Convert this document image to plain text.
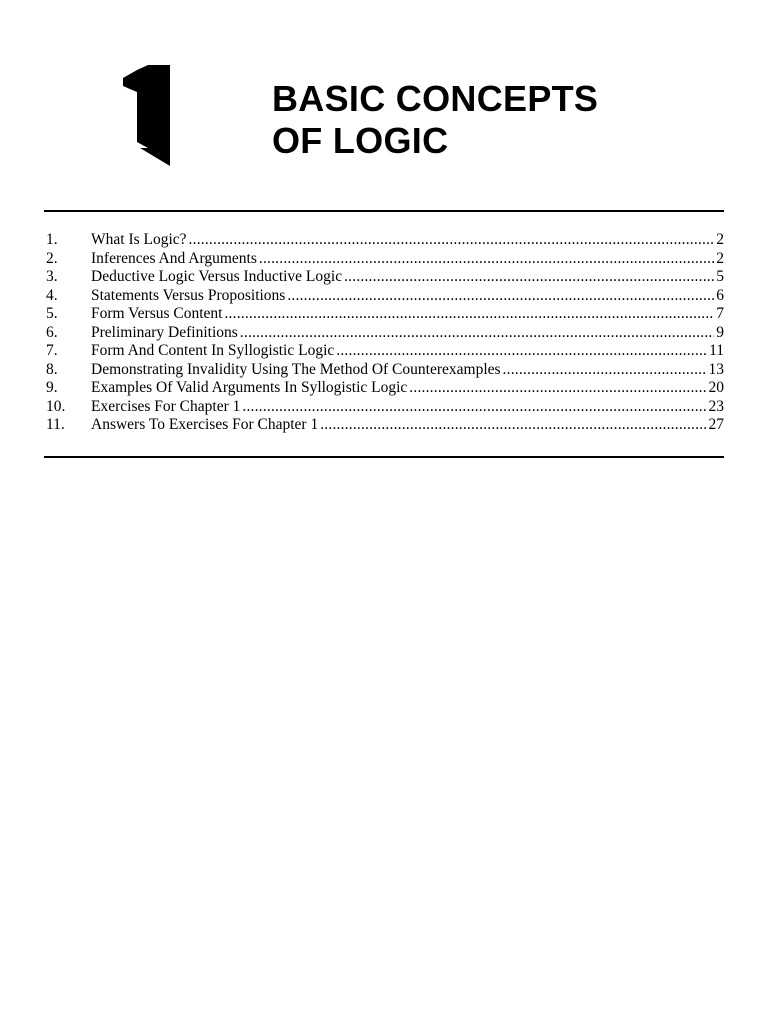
BASIC CONCEPTS
OF LOGIC
1.	What Is Logic? .....	2
2.	Inferences And Arguments .....	2
3.	Deductive Logic Versus Inductive Logic .....	5
4.	Statements Versus Propositions .....	6
5.	Form Versus Content .....	7
6.	Preliminary Definitions .....	9
7.	Form And Content In Syllogistic Logic .....	11
8.	Demonstrating Invalidity Using The Method Of Counterexamples .....	13
9.	Examples Of Valid Arguments In Syllogistic Logic .....	20
10.	Exercises For Chapter 1 .....	23
11.	Answers To Exercises For Chapter 1 .....	27
